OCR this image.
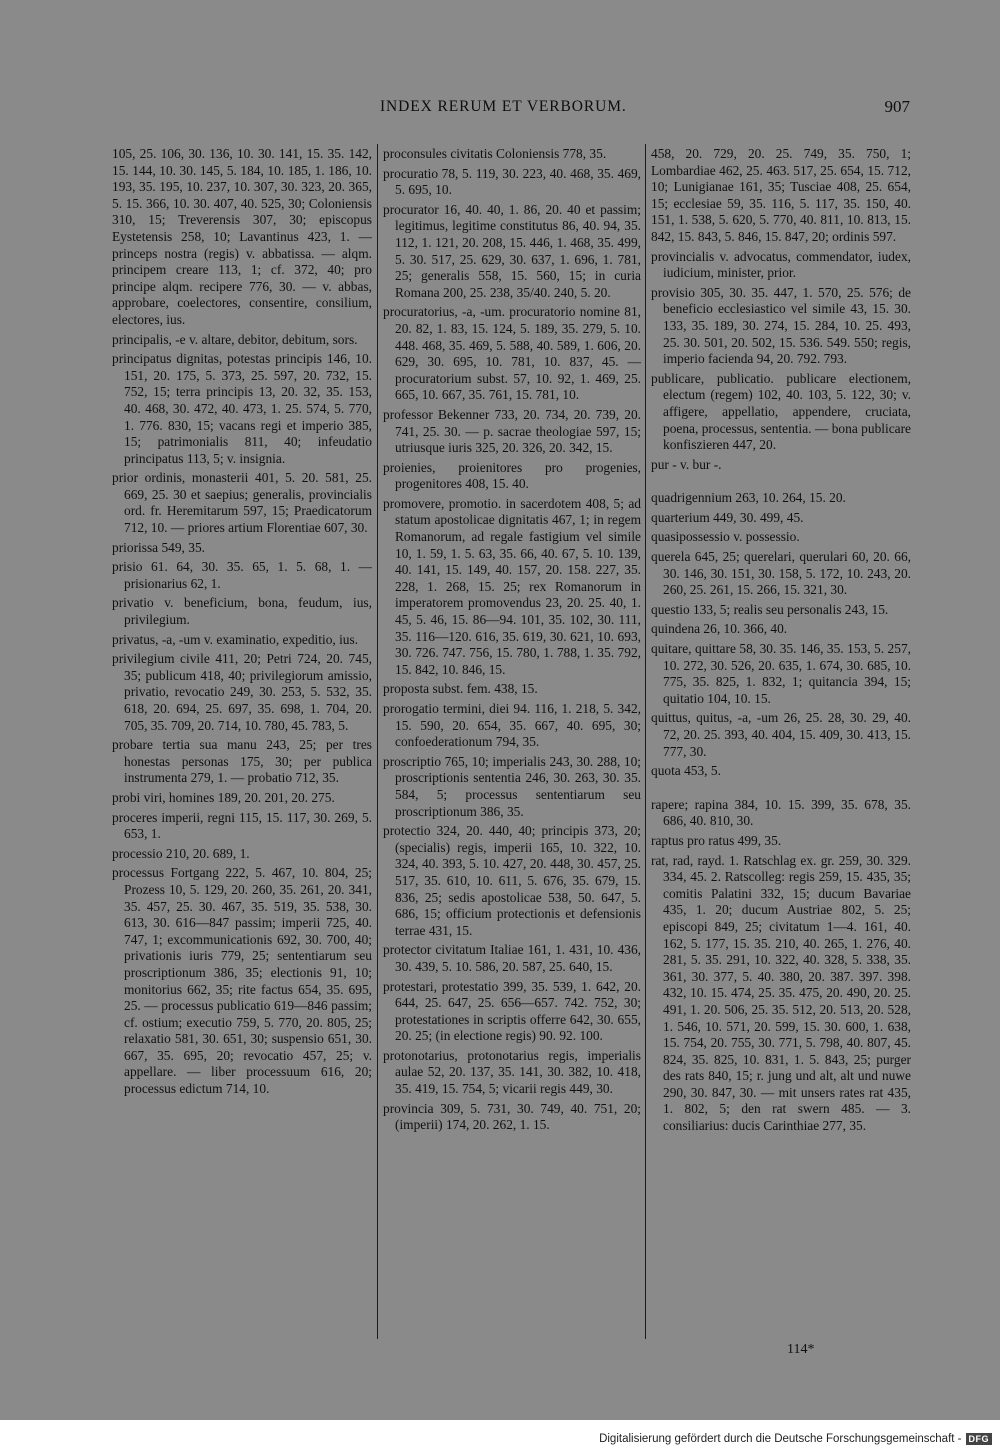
INDEX RERUM ET VERBORUM.	907

105, 25. 106, 30. 136, 10. 30. 141, 15. 35. 142, 15. 144, 10. 30. 145, 5. 184, 10. 185, 1. 186, 10. 193, 35. 195, 10. 237, 10. 307, 30. 323, 20. 365, 5. 15. 366, 10. 30. 407, 40. 525, 30; Coloniensis 310, 15; Treverensis 307, 30; episcopus Eystetensis 258, 10; Lavantinus 423, 1. — princeps nostra (regis) v. abbatissa. — alqm. principem creare 113, 1; cf. 372, 40; pro principe alqm. recipere 776, 30. — v. abbas, approbare, coelectores, consentire, consilium, electores, ius.

principalis, -e v. altare, debitor, debitum, sors.

principatus dignitas, potestas principis 146, 10. 151, 20. 175, 5. 373, 25. 597, 20. 732, 15. 752, 15; terra principis 13, 20. 32, 35. 153, 40. 468, 30. 472, 40. 473, 1. 25. 574, 5. 770, 1. 776. 830, 15; vacans regi et imperio 385, 15; patrimonialis 811, 40; infeudatio principatus 113, 5; v. insignia.

prior ordinis, monasterii 401, 5. 20. 581, 25. 669, 25. 30 et saepius; generalis, provincialis ord. fr. Heremitarum 597, 15; Praedicatorum 712, 10. — priores artium Florentiae 607, 30.

priorissa 549, 35.

prisio 61. 64, 30. 35. 65, 1. 5. 68, 1. — prisionarius 62, 1.

privatio v. beneficium, bona, feudum, ius, privilegium.

privatus, -a, -um v. examinatio, expeditio, ius.

privilegium civile 411, 20; Petri 724, 20. 745, 35; publicum 418, 40; privilegiorum amissio, privatio, revocatio 249, 30. 253, 5. 532, 35. 618, 20. 694, 25. 697, 35. 698, 1. 704, 20. 705, 35. 709, 20. 714, 10. 780, 45. 783, 5.

probare tertia sua manu 243, 25; per tres honestas personas 175, 30; per publica instrumenta 279, 1. — probatio 712, 35.

probi viri, homines 189, 20. 201, 20. 275.

proceres imperii, regni 115, 15. 117, 30. 269, 5. 653, 1.

processio 210, 20. 689, 1.

processus Fortgang 222, 5. 467, 10. 804, 25; Prozess 10, 5. 129, 20. 260, 35. 261, 20. 341, 35. 457, 25. 30. 467, 35. 519, 35. 538, 30. 613, 30. 616—847 passim; imperii 725, 40. 747, 1; excommunicationis 692, 30. 700, 40; privationis iuris 779, 25; sententiarum seu proscriptionum 386, 35; electionis 91, 10; monitorius 662, 35; rite factus 654, 35. 695, 25. — processus publicatio 619—846 passim; cf. ostium; executio 759, 5. 770, 20. 805, 25; relaxatio 581, 30. 651, 30; suspensio 651, 30. 667, 35. 695, 20; revocatio 457, 25; v. appellare. — liber processuum 616, 20; processus edictum 714, 10.

proconsules civitatis Coloniensis 778, 35.

procuratio 78, 5. 119, 30. 223, 40. 468, 35. 469, 5. 695, 10.

procurator 16, 40. 40, 1. 86, 20. 40 et passim; legitimus, legitime constitutus 86, 40. 94, 35. 112, 1. 121, 20. 208, 15. 446, 1. 468, 35. 499, 5. 30. 517, 25. 629, 30. 637, 1. 696, 1. 781, 25; generalis 558, 15. 560, 15; in curia Romana 200, 25. 238, 35/40. 240, 5. 20.

procuratorius, -a, -um. procuratorio nomine 81, 20. 82, 1. 83, 15. 124, 5. 189, 35. 279, 5. 10. 448. 468, 35. 469, 5. 588, 40. 589, 1. 606, 20. 629, 30. 695, 10. 781, 10. 837, 45. — procuratorium subst. 57, 10. 92, 1. 469, 25. 665, 10. 667, 35. 761, 15. 781, 10.

professor Bekenner 733, 20. 734, 20. 739, 20. 741, 25. 30. — p. sacrae theologiae 597, 15; utriusque iuris 325, 20. 326, 20. 342, 15.

proienies, proienitores pro progenies, progenitores 408, 15. 40.

promovere, promotio. in sacerdotem 408, 5; ad statum apostolicae dignitatis 467, 1; in regem Romanorum, ad regale fastigium vel simile 10, 1. 59, 1. 5. 63, 35. 66, 40. 67, 5. 10. 139, 40. 141, 15. 149, 40. 157, 20. 158. 227, 35. 228, 1. 268, 15. 25; rex Romanorum in imperatorem promovendus 23, 20. 25. 40, 1. 45, 5. 46, 15. 86—94. 101, 35. 102, 30. 111, 35. 116—120. 616, 35. 619, 30. 621, 10. 693, 30. 726. 747. 756, 15. 780, 1. 788, 1. 35. 792, 15. 842, 10. 846, 15.

proposta subst. fem. 438, 15.

prorogatio termini, diei 94. 116, 1. 218, 5. 342, 15. 590, 20. 654, 35. 667, 40. 695, 30; confoederationum 794, 35.

proscriptio 765, 10; imperialis 243, 30. 288, 10; proscriptionis sententia 246, 30. 263, 30. 35. 584, 5; processus sententiarum seu proscriptionum 386, 35.

protectio 324, 20. 440, 40; principis 373, 20; (specialis) regis, imperii 165, 10. 322, 10. 324, 40. 393, 5. 10. 427, 20. 448, 30. 457, 25. 517, 35. 610, 10. 611, 5. 676, 35. 679, 15. 836, 25; sedis apostolicae 538, 50. 647, 5. 686, 15; officium protectionis et defensionis terrae 431, 15.

protector civitatum Italiae 161, 1. 431, 10. 436, 30. 439, 5. 10. 586, 20. 587, 25. 640, 15.

protestari, protestatio 399, 35. 539, 1. 642, 20. 644, 25. 647, 25. 656—657. 742. 752, 30; protestationes in scriptis offerre 642, 30. 655, 20. 25; (in electione regis) 90. 92. 100.

protonotarius, protonotarius regis, imperialis aulae 52, 20. 137, 35. 141, 30. 382, 10. 418, 35. 419, 15. 754, 5; vicarii regis 449, 30.

provincia 309, 5. 731, 30. 749, 40. 751, 20; (imperii) 174, 20. 262, 1. 15.

458, 20. 729, 20. 25. 749, 35. 750, 1; Lombardiae 462, 25. 463. 517, 25. 654, 15. 712, 10; Lunigianae 161, 35; Tusciae 408, 25. 654, 15; ecclesiae 59, 35. 116, 5. 117, 35. 150, 40. 151, 1. 538, 5. 620, 5. 770, 40. 811, 10. 813, 15. 842, 15. 843, 5. 846, 15. 847, 20; ordinis 597.

provincialis v. advocatus, commendator, iudex, iudicium, minister, prior.

provisio 305, 30. 35. 447, 1. 570, 25. 576; de beneficio ecclesiastico vel simile 43, 15. 30. 133, 35. 189, 30. 274, 15. 284, 10. 25. 493, 25. 30. 501, 20. 502, 15. 536. 549. 550; regis, imperio facienda 94, 20. 792. 793.

publicare, publicatio. publicare electionem, electum (regem) 102, 40. 103, 5. 122, 30; v. affigere, appellatio, appendere, cruciata, poena, processus, sententia. — bona publicare konfiszieren 447, 20.

pur - v. bur -.

quadrigennium 263, 10. 264, 15. 20.

quarterium 449, 30. 499, 45.

quasipossessio v. possessio.

querela 645, 25; querelari, querulari 60, 20. 66, 30. 146, 30. 151, 30. 158, 5. 172, 10. 243, 20. 260, 25. 261, 15. 266, 15. 321, 30.

questio 133, 5; realis seu personalis 243, 15.

quindena 26, 10. 366, 40.

quitare, quittare 58, 30. 35. 146, 35. 153, 5. 257, 10. 272, 30. 526, 20. 635, 1. 674, 30. 685, 10. 775, 35. 825, 1. 832, 1; quitancia 394, 15; quitatio 104, 10. 15.

quittus, quitus, -a, -um 26, 25. 28, 30. 29, 40. 72, 20. 25. 393, 40. 404, 15. 409, 30. 413, 15. 777, 30.

quota 453, 5.

rapere; rapina 384, 10. 15. 399, 35. 678, 35. 686, 40. 810, 30.

raptus pro ratus 499, 35.

rat, rad, rayd. 1. Ratschlag ex. gr. 259, 30. 329. 334, 45. 2. Ratscolleg: regis 259, 15. 435, 35; comitis Palatini 332, 15; ducum Bavariae 435, 1. 20; ducum Austriae 802, 5. 25; episcopi 849, 25; civitatum 1—4. 161, 40. 162, 5. 177, 15. 35. 210, 40. 265, 1. 276, 40. 281, 5. 35. 291, 10. 322, 40. 328, 5. 338, 35. 361, 30. 377, 5. 40. 380, 20. 387. 397. 398. 432, 10. 15. 474, 25. 35. 475, 20. 490, 20. 25. 491, 1. 20. 506, 25. 35. 512, 20. 513, 20. 528, 1. 546, 10. 571, 20. 599, 15. 30. 600, 1. 638, 15. 754, 20. 755, 30. 771, 5. 798, 40. 807, 45. 824, 35. 825, 10. 831, 1. 5. 843, 25; purger des rats 840, 15; r. jung und alt, alt und nuwe 290, 30. 847, 30. — mit unsers rates rat 435, 1. 802, 5; den rat swern 485. — 3. consiliarius: ducis Carinthiae 277, 35.

114*
Digitalisierung gefördert durch die Deutsche Forschungsgemeinschaft - DFG
